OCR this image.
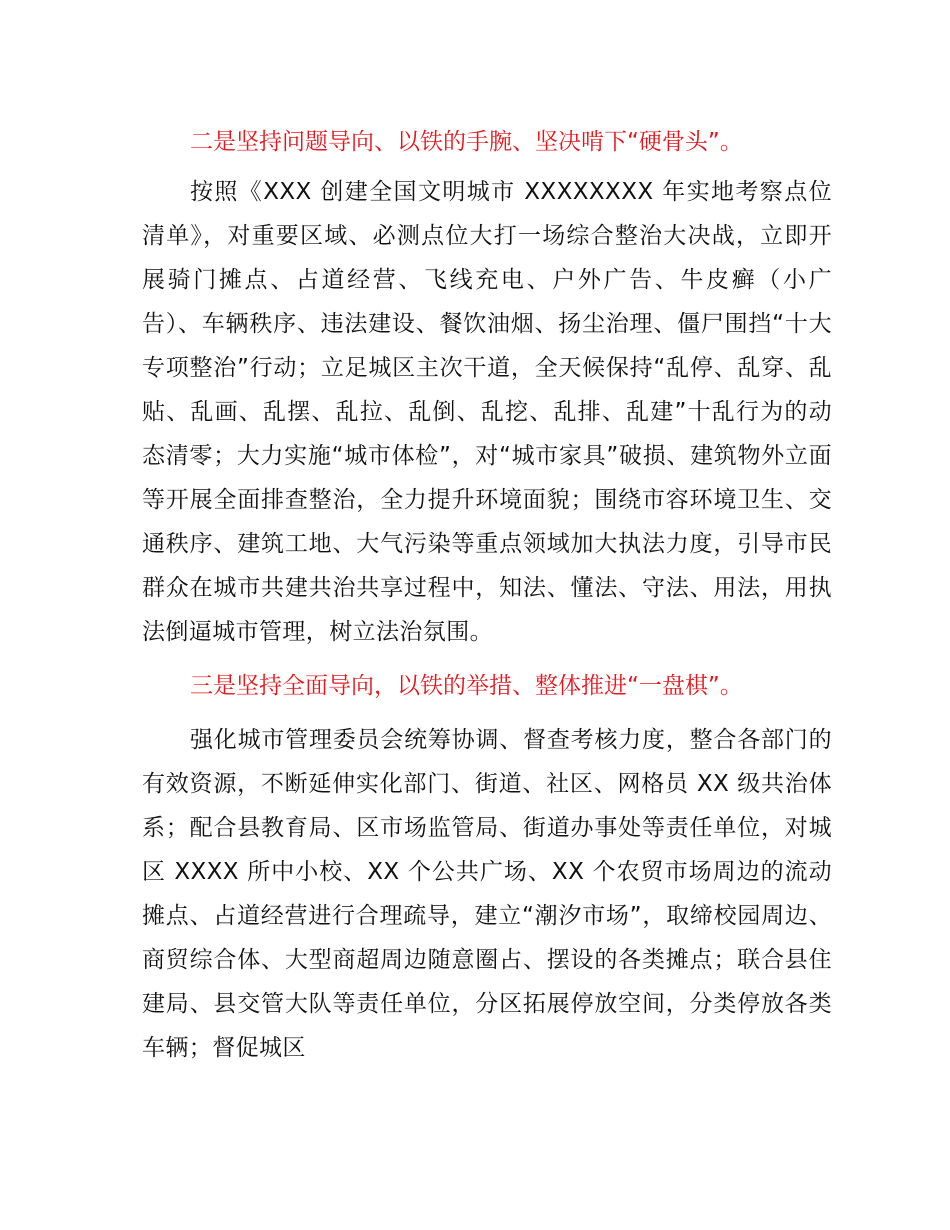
二是坚持问题导向、以铁的手腕、坚决啃下“硬骨头”。

按照《XXX 创建全国文明城市 XXXXXXXX 年实地考察点位清单》，对重要区域、必测点位大打一场综合整治大决战，立即开展骑门摊点、占道经营、飞线充电、户外广告、牛皮癣（小广告）、车辆秩序、违法建设、餐饮油烟、扬尘治理、僵尸围挡“十大专项整治”行动；立足城区主次干道，全天候保持“乱停、乱穿、乱贴、乱画、乱摆、乱拉、乱倒、乱挖、乱排、乱建”十乱行为的动态清零；大力实施“城市体检”，对“城市家具”破损、建筑物外立面等开展全面排查整治，全力提升环境面貌；围绕市容环境卫生、交通秩序、建筑工地、大气污染等重点领域加大执法力度，引导市民群众在城市共建共治共享过程中，知法、懂法、守法、用法，用执法倒逼城市管理，树立法治氛围。

三是坚持全面导向，以铁的举措、整体推进“一盘棋”。

强化城市管理委员会统筹协调、督查考核力度，整合各部门的有效资源，不断延伸实化部门、街道、社区、网格员 XX 级共治体系；配合县教育局、区市场监管局、街道办事处等责任单位，对城区 XXXX 所中小校、XX 个公共广场、XX 个农贸市场周边的流动摊点、占道经营进行合理疏导，建立“潮汐市场”，取缔校园周边、商贸综合体、大型商超周边随意圈占、摆设的各类摊点；联合县住建局、县交管大队等责任单位，分区拓展停放空间，分类停放各类车辆；督促城区
